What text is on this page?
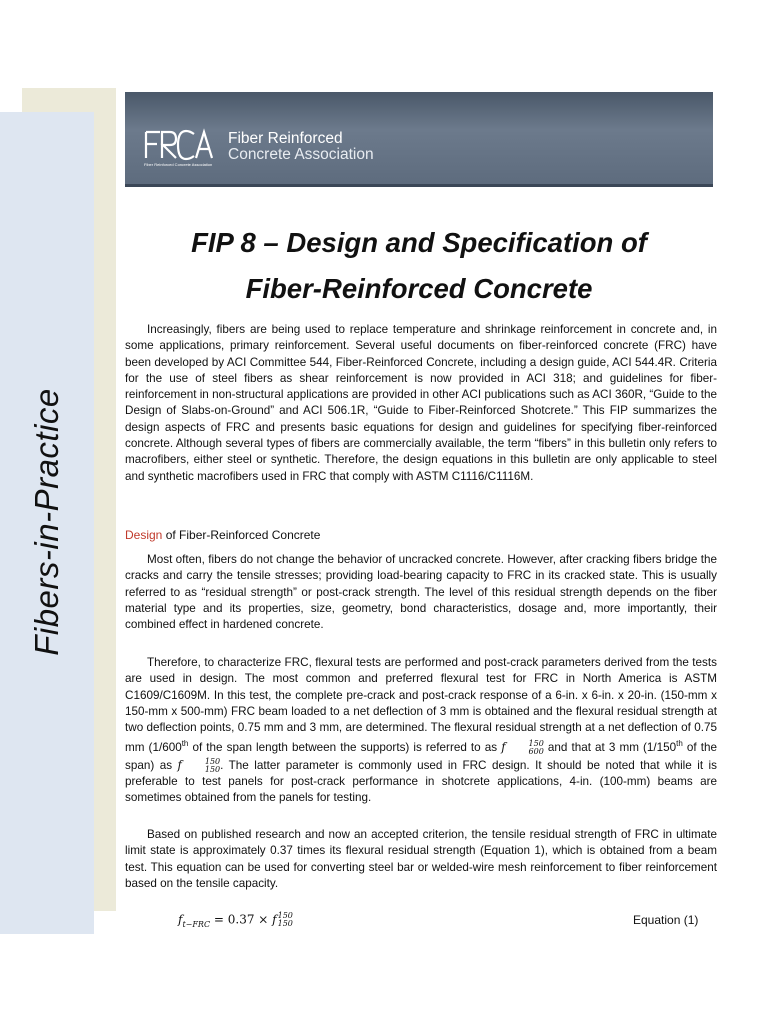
Fibers-in-Practice
Fiber Reinforced Concrete Association
Fiber Reinforced
Concrete Association
FIP 8 – Design and Specification of
Fiber-Reinforced Concrete

Increasingly, fibers are being used to replace temperature and shrinkage reinforcement in concrete and, in some applications, primary reinforcement. Several useful documents on fiber-reinforced concrete (FRC) have been developed by ACI Committee 544, Fiber-Reinforced Concrete, including a design guide, ACI 544.4R. Criteria for the use of steel fibers as shear reinforcement is now provided in ACI 318; and guidelines for fiber-reinforcement in non-structural applications are provided in other ACI publications such as ACI 360R, “Guide to the Design of Slabs-on-Ground” and ACI 506.1R, “Guide to Fiber-Reinforced Shotcrete.” This FIP summarizes the design aspects of FRC and presents basic equations for design and guidelines for specifying fiber-reinforced concrete. Although several types of fibers are commercially available, the term “fibers” in this bulletin only refers to macrofibers, either steel or synthetic. Therefore, the design equations in this bulletin are only applicable to steel and synthetic macrofibers used in FRC that comply with ASTM C1116/C1116M.

Design of Fiber-Reinforced Concrete

Most often, fibers do not change the behavior of uncracked concrete. However, after cracking fibers bridge the cracks and carry the tensile stresses; providing load-bearing capacity to FRC in its cracked state. This is usually referred to as “residual strength” or post-crack strength. The level of this residual strength depends on the fiber material type and its properties, size, geometry, bond characteristics, dosage and, more importantly, their combined effect in hardened concrete.

Therefore, to characterize FRC, flexural tests are performed and post-crack parameters derived from the tests are used in design. The most common and preferred flexural test for FRC in North America is ASTM C1609/C1609M. In this test, the complete pre-crack and post-crack response of a 6-in. x 6-in. x 20-in. (150-mm x 150-mm x 500-mm) FRC beam loaded to a net deflection of 3 mm is obtained and the flexural residual strength at two deflection points, 0.75 mm and 3 mm, are determined. The flexural residual strength at a net deflection of 0.75 mm (1/600th of the span length between the supports) is referred to as f	150
600 and that at 3 mm (1/150th of the span) as f	150
150 . The latter parameter is commonly used in FRC design. It should be noted that while it is preferable to test panels for post-crack performance in shotcrete applications, 4-in. (100-mm) beams are sometimes obtained from the panels for testing.

Based on published research and now an accepted criterion, the tensile residual strength of FRC in ultimate limit state is approximately 0.37 times its flexural residual strength (Equation 1), which is obtained from a beam test. This equation can be used for converting steel bar or welded-wire mesh reinforcement to fiber reinforcement based on the tensile capacity.

$f_{t-FRC} = 0.37 \times f$ 150
150	Equation (1)
